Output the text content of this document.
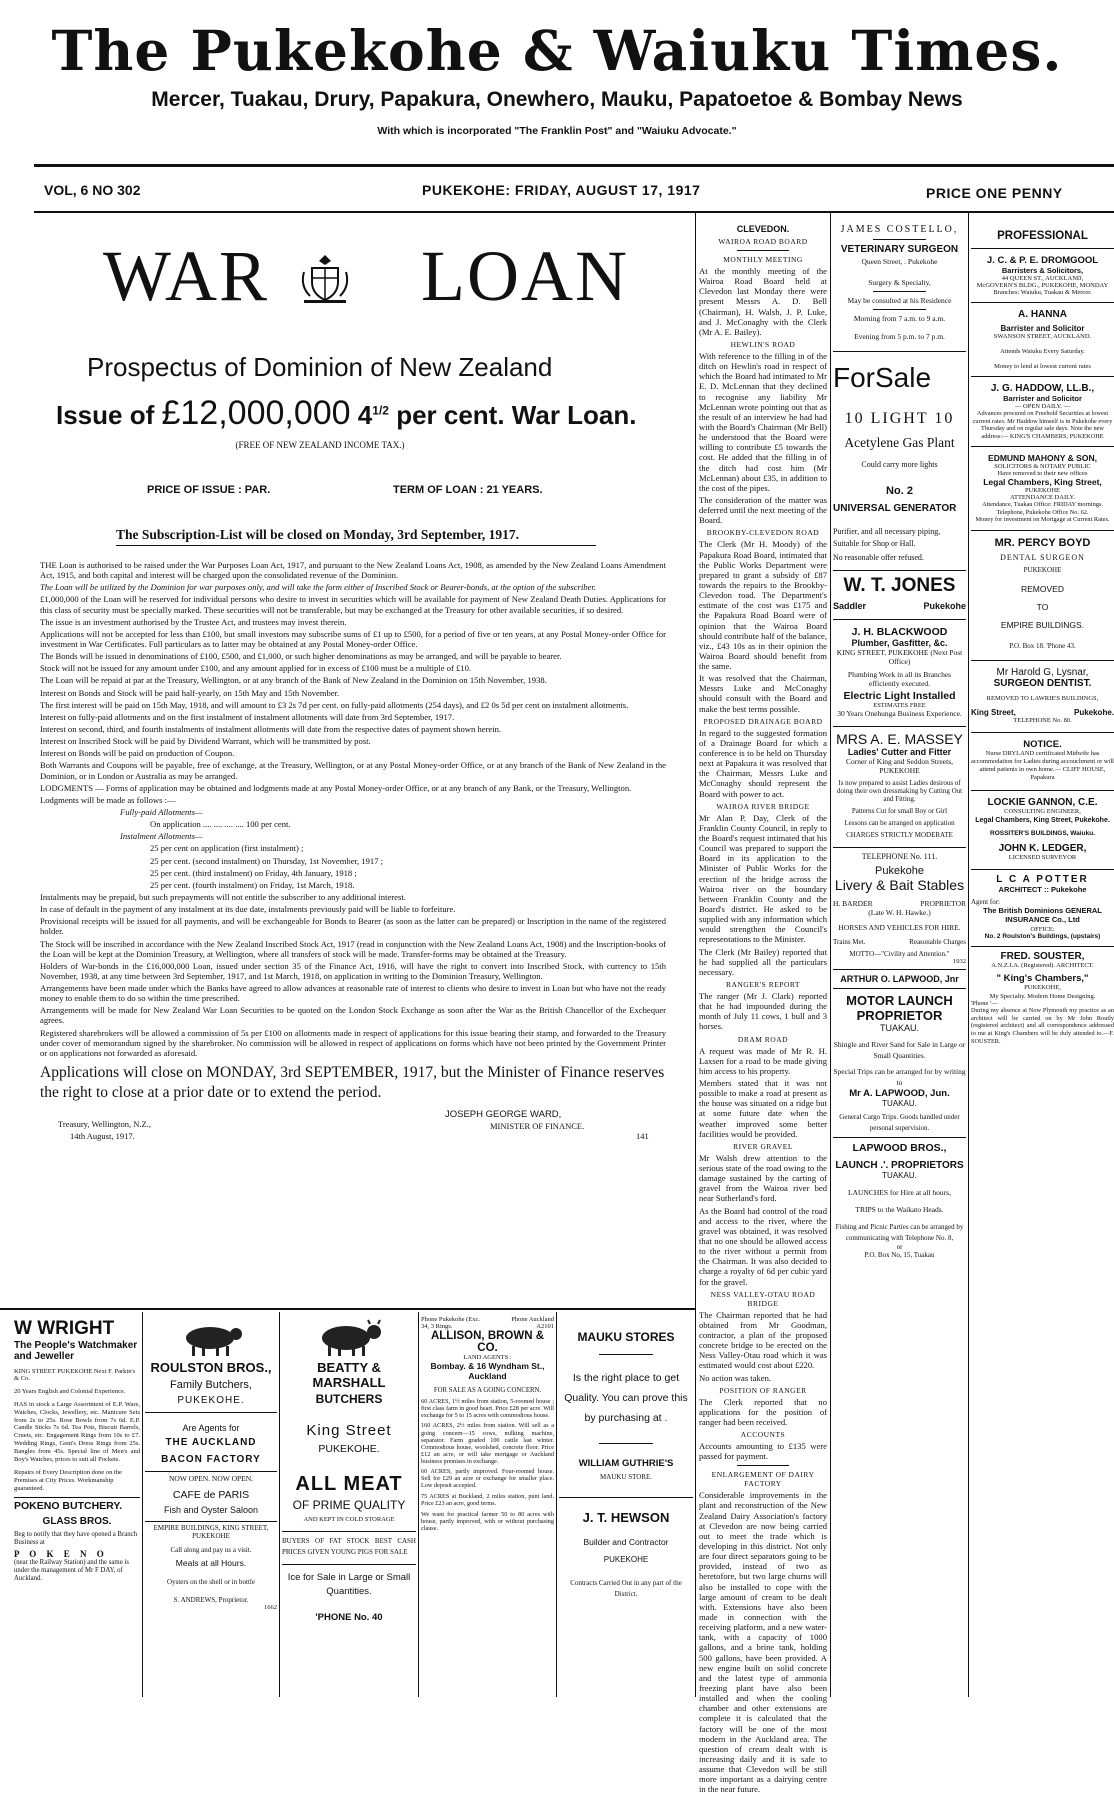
The Pukekohe & Waiuku Times.
Mercer, Tuakau, Drury, Papakura, Onewhero, Mauku, Papatoetoe & Bombay News
With which is incorporated "The Franklin Post" and "Waiuku Advocate."
VOL, 6 NO 302	PUKEKOHE: FRIDAY, AUGUST 17, 1917	PRICE ONE PENNY
WAR LOAN
Prospectus of Dominion of New Zealand
Issue of £12,000,000 $4^{1/2}$ per cent. War Loan.
(FREE OF NEW ZEALAND INCOME TAX.)
PRICE OF ISSUE : PAR.	TERM OF LOAN : 21 YEARS.
The Subscription-List will be closed on Monday, 3rd September, 1917.

THE Loan is authorised to be raised under the War Purposes Loan Act, 1917, and pursuant to the New Zealand Loans Act, 1908, as amended by the New Zealand Loans Amendment Act, 1915, and both capital and interest will be charged upon the consolidated revenue of the Dominion.

The Loan will be utilized by the Dominion for war purposes only, and will take the form either of Inscribed Stock or Bearer-bonds, at the option of the subscriber.

£1,000,000 of the Loan will be reserved for individual persons who desire to invest in securities which will be available for payment of New Zealand Death Duties. Applications for this class of security must be specially marked. These securities will not be transferable, but may be exchanged at the Treasury for other available securities, if so desired.

The issue is an investment authorised by the Trustee Act, and trustees may invest therein.

Applications will not be accepted for less than £100, but small investors may subscribe sums of £1 up to £500, for a period of five or ten years, at any Postal Money-order Office for investment in War Certificates. Full particulars as to latter may be obtained at any Postal Money-order Office.

The Bonds will be issued in denominations of £100, £500, and £1,000, or such higher denominations as may be arranged, and will be payable to bearer.

Stock will not be issued for any amount under £100, and any amount applied for in excess of £100 must be a multiple of £10.

The Loan will be repaid at par at the Treasury, Wellington, or at any branch of the Bank of New Zealand in the Dominion on 15th November, 1938.

Interest on Bonds and Stock will be paid half-yearly, on 15th May and 15th November.

The first interest will be paid on 15th May, 1918, and will amount to £3 2s 7d per cent. on fully-paid allotments (254 days), and £2 0s 5d per cent on instalment allotments.

Interest on fully-paid allotments and on the first instalment of instalment allotments will date from 3rd September, 1917.

Interest on second, third, and fourth instalments of instalment allotments will date from the respective dates of payment shown herein.

Interest on Inscribed Stock will be paid by Dividend Warrant, which will be transmitted by post.

Interest on Bonds will be paid on production of Coupon.

Both Warrants and Coupons will be payable, free of exchange, at the Treasury, Wellington, or at any Postal Money-order Office, or at any branch of the Bank of New Zealand in the Dominion, or in London or Australia as may be arranged.

LODGMENTS — Forms of application may be obtained and lodgments made at any Postal Money-order Office, or at any branch of any Bank, or the Treasury, Wellington.

Lodgments will be made as follows :—

Fully-paid Allotments—

On application .... .... .... .... 100 per cent.

Instalment Allotments—

25 per cent on application (first instalment) ;

25 per cent. (second instalment) on Thursday, 1st November, 1917 ;

25 per cent. (third instalment) on Friday, 4th January, 1918 ;

25 per cent. (fourth instalment) on Friday, 1st March, 1918.

Instalments may be prepaid, but such prepayments will not entitle the subscriber to any additional interest.

In case of default in the payment of any instalment at its due date, instalments previously paid will be liable to forfeiture.

Provisional receipts will be issued for all payments, and will be exchangeable for Bonds to Bearer (as soon as the latter can be prepared) or Inscription in the name of the registered holder.

The Stock will be inscribed in accordance with the New Zealand Inscribed Stock Act, 1917 (read in conjunction with the New Zealand Loans Act, 1908) and the Inscription-books of the Loan will be kept at the Dominion Treasury, at Wellington, where all transfers of stock will be made. Transfer-forms may be obtained at the Treasury.

Holders of War-bonds in the £16,000,000 Loan, issued under section 35 of the Finance Act, 1916, will have the right to convert into Inscribed Stock, with currency to 15th November, 1938, at any time between 3rd September, 1917, and 1st March, 1918, on application in writing to the Dominion Treasury, Wellington.

Arrangements have been made under which the Banks have agreed to allow advances at reasonable rate of interest to clients who desire to invest in Loan but who have not the ready money to enable them to do so within the time prescribed.

Arrangements will be made for New Zealand War Loan Securities to be quoted on the London Stock Exchange as soon after the War as the British Chancellor of the Exchequer agrees.

Registered sharebrokers will be allowed a commission of 5s per £100 on allotments made in respect of applications for this issue bearing their stamp, and forwarded to the Treasury under cover of memorandum signed by the sharebroker. No commission will be allowed in respect of applications on forms which have not been printed by the Government Printer or on applications not forwarded as aforesaid.

Applications will close on MONDAY, 3rd SEPTEMBER, 1917, but the Minister of Finance reserves the right to close at a prior date or to extend the period.
Treasury, Wellington, N.Z.,
14th August, 1917.
JOSEPH GEORGE WARD,
MINISTER OF FINANCE.
141
CLEVEDON.
WAIROA ROAD BOARD
MONTHLY MEETING

At the monthly meeting of the Wairoa Road Board held at Clevedon last Monday there were present Messrs A. D. Bell (Chairman), H. Walsh, J. P. Luke, and J. McConaghy with the Clerk (Mr A. E. Bailey).

HEWLIN'S ROAD

With reference to the filling in of the ditch on Hewlin's road in respect of which the Board had intimated to Mr E. D. McLennan that they declined to recognise any liability Mr McLennan wrote pointing out that as the result of an interview he had had with the Board's Chairman (Mr Bell) he understood that the Board were willing to contribute £5 towards the cost. He added that the filling in of the ditch had cost him (Mr McLennan) about £35, in addition to the cost of the pipes.

The consideration of the matter was deferred until the next meeting of the Board.

BROOKBY-CLEVEDON ROAD

The Clerk (Mr H. Moody) of the Papakura Road Board, intimated that the Public Works Department were prepared to grant a subsidy of £87 towards the repairs to the Brookby-Clevedon road. The Department's estimate of the cost was £175 and the Papakura Road Board were of opinion that the Wairoa Board should contribute half of the balance, viz., £43 10s as in their opinion the Wairoa Board should benefit from the same.

It was resolved that the Chairman, Messrs Luke and McConaghy should consult with the Board and make the best terms possible.

PROPOSED DRAINAGE BOARD

In regard to the suggested formation of a Drainage Board for which a conference is to be held on Thursday next at Papakura it was resolved that the Chairman, Messrs Luke and McConaghy should represent the Board with power to act.

WAIROA RIVER BRIDGE

Mr Alan P. Day, Clerk of the Franklin County Council, in reply to the Board's request intimated that his Council was prepared to support the Board in its application to the Minister of Public Works for the erection of the bridge across the Wairoa river on the boundary between Franklin County and the Board's district. He asked to be supplied with any information which would strengthen the Council's representations to the Minister.

The Clerk (Mr Bailey) reported that he had supplied all the particulars necessary.

RANGER'S REPORT

The ranger (Mr J. Clark) reported that he had impounded during the month of July 11 cows, 1 bull and 3 horses.

DRAM ROAD

A request was made of Mr R. H. Laxsen for a road to be made giving him access to his property.

Members stated that it was not possible to make a road at present as the house was situated on a ridge but at some future date when the weather improved some better facilities would be provided.

RIVER GRAVEL

Mr Walsh drew attention to the serious state of the road owing to the damage sustained by the carting of gravel from the Wairoa river bed near Sutherland's ford.

As the Board had control of the road and access to the river, where the gravel was obtained, it was resolved that no one should be allowed access to the river without a permit from the Chairman. It was also decided to charge a royalty of 6d per cubic yard for the gravel.

NESS VALLEY-OTAU ROAD BRIDGE

The Chairman reported that he had obtained from Mr Goodman, contractor, a plan of the proposed concrete bridge to be erected on the Ness Valley-Otau road which it was estimated would cost about £220.

No action was taken.

POSITION OF RANGER

The Clerk reported that no applications for the position of ranger had been received.

ACCOUNTS

Accounts amounting to £135 were passed for payment.

ENLARGEMENT OF DAIRY FACTORY

Considerable improvements in the plant and reconstruction of the New Zealand Dairy Association's factory at Clevedon are now being carried out to meet the trade which is developing in this district. Not only are four direct separators going to be provided, instead of two as heretofore, but two large churns will also be installed to cope with the large amount of cream to be dealt with. Extensions have also been made in connection with the receiving platform, and a new water-tank, with a capacity of 1000 gallons, and a brine tank, holding 500 gallons, have been provided. A new engine built on solid concrete and the latest type of ammonia freezing plant have also been installed and when the cooling chamber and other extensions are complete it is calculated that the factory will be one of the most modern in the Auckland area. The question of cream dealt with is increasing daily and it is safe to assume that Clevedon will be still more important as a dairying centre in the near future.

JAMES COSTELLO,
VETERINARY SURGEON
Queen Street, . Pukekohe
Surgery & Specialty,
May be consulted at his Residence
Morning from 7 a.m. to 9 a.m.
Evening from 5 p.m. to 7 p.m.
ForSale
10 LIGHT 10
Acetylene Gas Plant
Could carry more lights
No. 2
UNIVERSAL GENERATOR
Purifier, and all necessary piping, Suitable for Shop or Hall.
No reasonable offer refused.
W. T. JONES
Saddler	Pukekohe
J. H. BLACKWOOD
Plumber, Gasfitter, &c.
KING STREET, PUKEKOHE (Next Post Office)
Plumbing Work in all its Branches efficiently executed.
Electric Light Installed
ESTIMATES FREE
30 Years Onehunga Business Experience.
MRS A. E. MASSEY
Ladies' Cutter and Fitter
Corner of King and Seddon Streets, PUKEKOHE
Is now prepared to assist Ladies desirous of doing their own dressmaking by Cutting Out and Fitting.
Patterns Cut for small Boy or Girl
Lessons can be arranged on application
CHARGES STRICTLY MODERATE
TELEPHONE No. 111.
Pukekohe
Livery & Bait Stables
H. BARDER	PROPRIETOR
(Late W. H. Hawke.)
HORSES AND VEHICLES FOR HIRE.
Trains Met.	Reasonable Charges
MOTTO—"Civility and Attention."
1932
ARTHUR O. LAPWOOD, Jnr
MOTOR LAUNCH PROPRIETOR
TUAKAU.
Shingle and River Sand for Sale in Large or Small Quantities.
Special Trips can be arranged for by writing to
Mr A. LAPWOOD, Jun.
TUAKAU.
General Cargo Trips. Goods handled under personal supervision.
LAPWOOD BROS.,
LAUNCH .'. PROPRIETORS
TUAKAU.
LAUNCHES for Hire at all hours,
TRIPS to the Waikato Heads.
Fishing and Picnic Parties can be arranged by communicating with Telephone No. 8,
or
P.O. Box No, 15, Tuakau
PROFESSIONAL
J. C. & P. E. DROMGOOL
Barristers & Solicitors,
44 QUEEN ST., AUCKLAND,
McGOVERN'S BLDG., PUKEKOHE, MONDAY
Branches: Waiuku, Tuakau & Mercer.
A. HANNA
Barrister and Solicitor
SWANSON STREET, AUCKLAND.
Attends Waiuku Every Saturday.
Money to lend at lowest current rates
J. G. HADDOW, LL.B.,
Barrister and Solicitor
— OPEN DAILY. —
Advances procured on Freehold Securities at lowest current rates. Mr Haddow himself is in Pukekohe every Thursday and on regular sale days. Note the new address:— KING'S CHAMBERS, PUKEKOHE
EDMUND MAHONY & SON,
SOLICITORS & NOTARY PUBLIC
Have removed to their new offices
Legal Chambers, King Street,
PUKEKOHE
ATTENDANCE DAILY.
Attendance, Tuakau Office: FRIDAY mornings. Telephone, Pukekohe Office No. 62.
Money for investment on Mortgage at Current Rates.
MR. PERCY BOYD
DENTAL SURGEON
PUKEKOHE
REMOVED
TO
EMPIRE BUILDINGS.
P.O. Box 18. 'Phone 43.
Mr Harold G, Lysnar,
SURGEON DENTIST.
REMOVED TO LAWRIE'S BUILDINGS,
King Street,	Pukekohe.
TELEPHONE No. 80.
NOTICE.
Nurse DRYLAND certificated Midwife has accommodation for Ladies during accouchment or will attend patients in own home.— CLIFF HOUSE, Papakura
LOCKIE GANNON, C.E.
CONSULTING ENGINEER,
Legal Chambers, King Street, Pukekohe.
ROSSITER'S BUILDINGS, Waiuku.
JOHN K. LEDGER,
LICENSED SURVEYOR
L C A POTTER
ARCHITECT :: Pukekohe
Agent for:
The British Dominions GENERAL INSURANCE Co., Ltd
OFFICE:
No. 2 Roulston's Buildings, (upstairs)
FRED. SOUSTER,
A.N.Z.I.A. (Registered). ARCHITECT.
" King's Chambers,"
PUKEKOHE,
My Specialty. Modern Home Designing.
'Phone '—
During my absence at Now Plymouth my practice as an architect will be carried on by Mr John Routly (registered architect) and all correspondence addressed to me at King's Chambers will be duly attended to.—F. SOUSTER.
W WRIGHT
The People's Watchmaker and Jeweller
KING STREET PUKEKOHE Next F. Parkin's & Co.
20 Years English and Colonial Experience.
HAS in stock a Large Assortment of E.P. Ware, Watches, Clocks, Jewellery, etc. Manicure Sets from 2s to 25s. Rose Bowls from 7s 6d. E.P. Candle Sticks 7s 6d. Tea Pots, Biscuit Barrels, Cruets, etc. Engagement Rings from 10s to £7. Wedding Rings, Gent's Dress Rings from 25s. Bangles from 45s. Special line of Men's and Boy's Watches, prices to suit all Pockets.
Repairs of Every Description done on the Premises at City Prices. Workmanship guaranteed.
POKENO BUTCHERY.
GLASS BROS.
Beg to notify that they have opened a Branch Business at
P O K E N O
(near the Railway Station) and the same is under the management of Mr F DAY, of Auckland.
ROULSTON BROS.,
Family Butchers,
PUKEKOHE.
Are Agents for
THE AUCKLAND
BACON FACTORY
NOW OPEN. NOW OPEN.
CAFE de PARIS
Fish and Oyster Saloon
EMPIRE BUILDINGS, KING STREET, PUKEKOHE
Call along and pay us a visit.
Meals at all Hours.
Oysters on the shell or in bottle
S. ANDREWS, Proprietor.
1662
BEATTY & MARSHALL
BUTCHERS
King Street
PUKEKOHE.
ALL MEAT
OF PRIME QUALITY
AND KEPT IN COLD STORAGE
BUYERS OF FAT STOCK BEST CASH PRICES GIVEN YOUNG PIGS FOR SALE
Ice for Sale in Large or Small Quantities.
'PHONE No. 40
Phone Pukekohe (Exc. 34, 3 Rings.
Phone Auckland A2101
ALLISON, BROWN & CO.
LAND AGENTS :
Bombay. & 16 Wyndham St., Auckland
FOR SALE AS A GOING CONCERN.
60 ACRES, 1½ miles from station, 5-roomed house ; first class farm in good heart. Price £28 per acre. Will exchange for 5 to 15 acres with commodious house.
160 ACRES, 2½ miles from station. Will sell as a going concern—15 cows, milking machine, separator. Farm graded 100 cattle last winter. Commodious house, woolshed, concrete floor. Price £12 an acre, or will take mortgage or Auckland business premises in exchange.
60 ACRES, partly improved. Four-roomed house. Sell for £29 an acre or exchange for smaller place. Low deposit accepted.
75 ACRES at Buckland, 2 miles station, punt land. Price £23 an acre, good terms.
We want for practical farmer 50 to 80 acres with house, partly improved, with or without purchasing clause.
MAUKU STORES
Is the right place to get Quality. You can prove this by purchasing at .
WILLIAM GUTHRIE'S
MAUKU STORE.
J. T. HEWSON
Builder and Contractor
PUKEKOHE
Contracts Carried Out in any part of the District.
